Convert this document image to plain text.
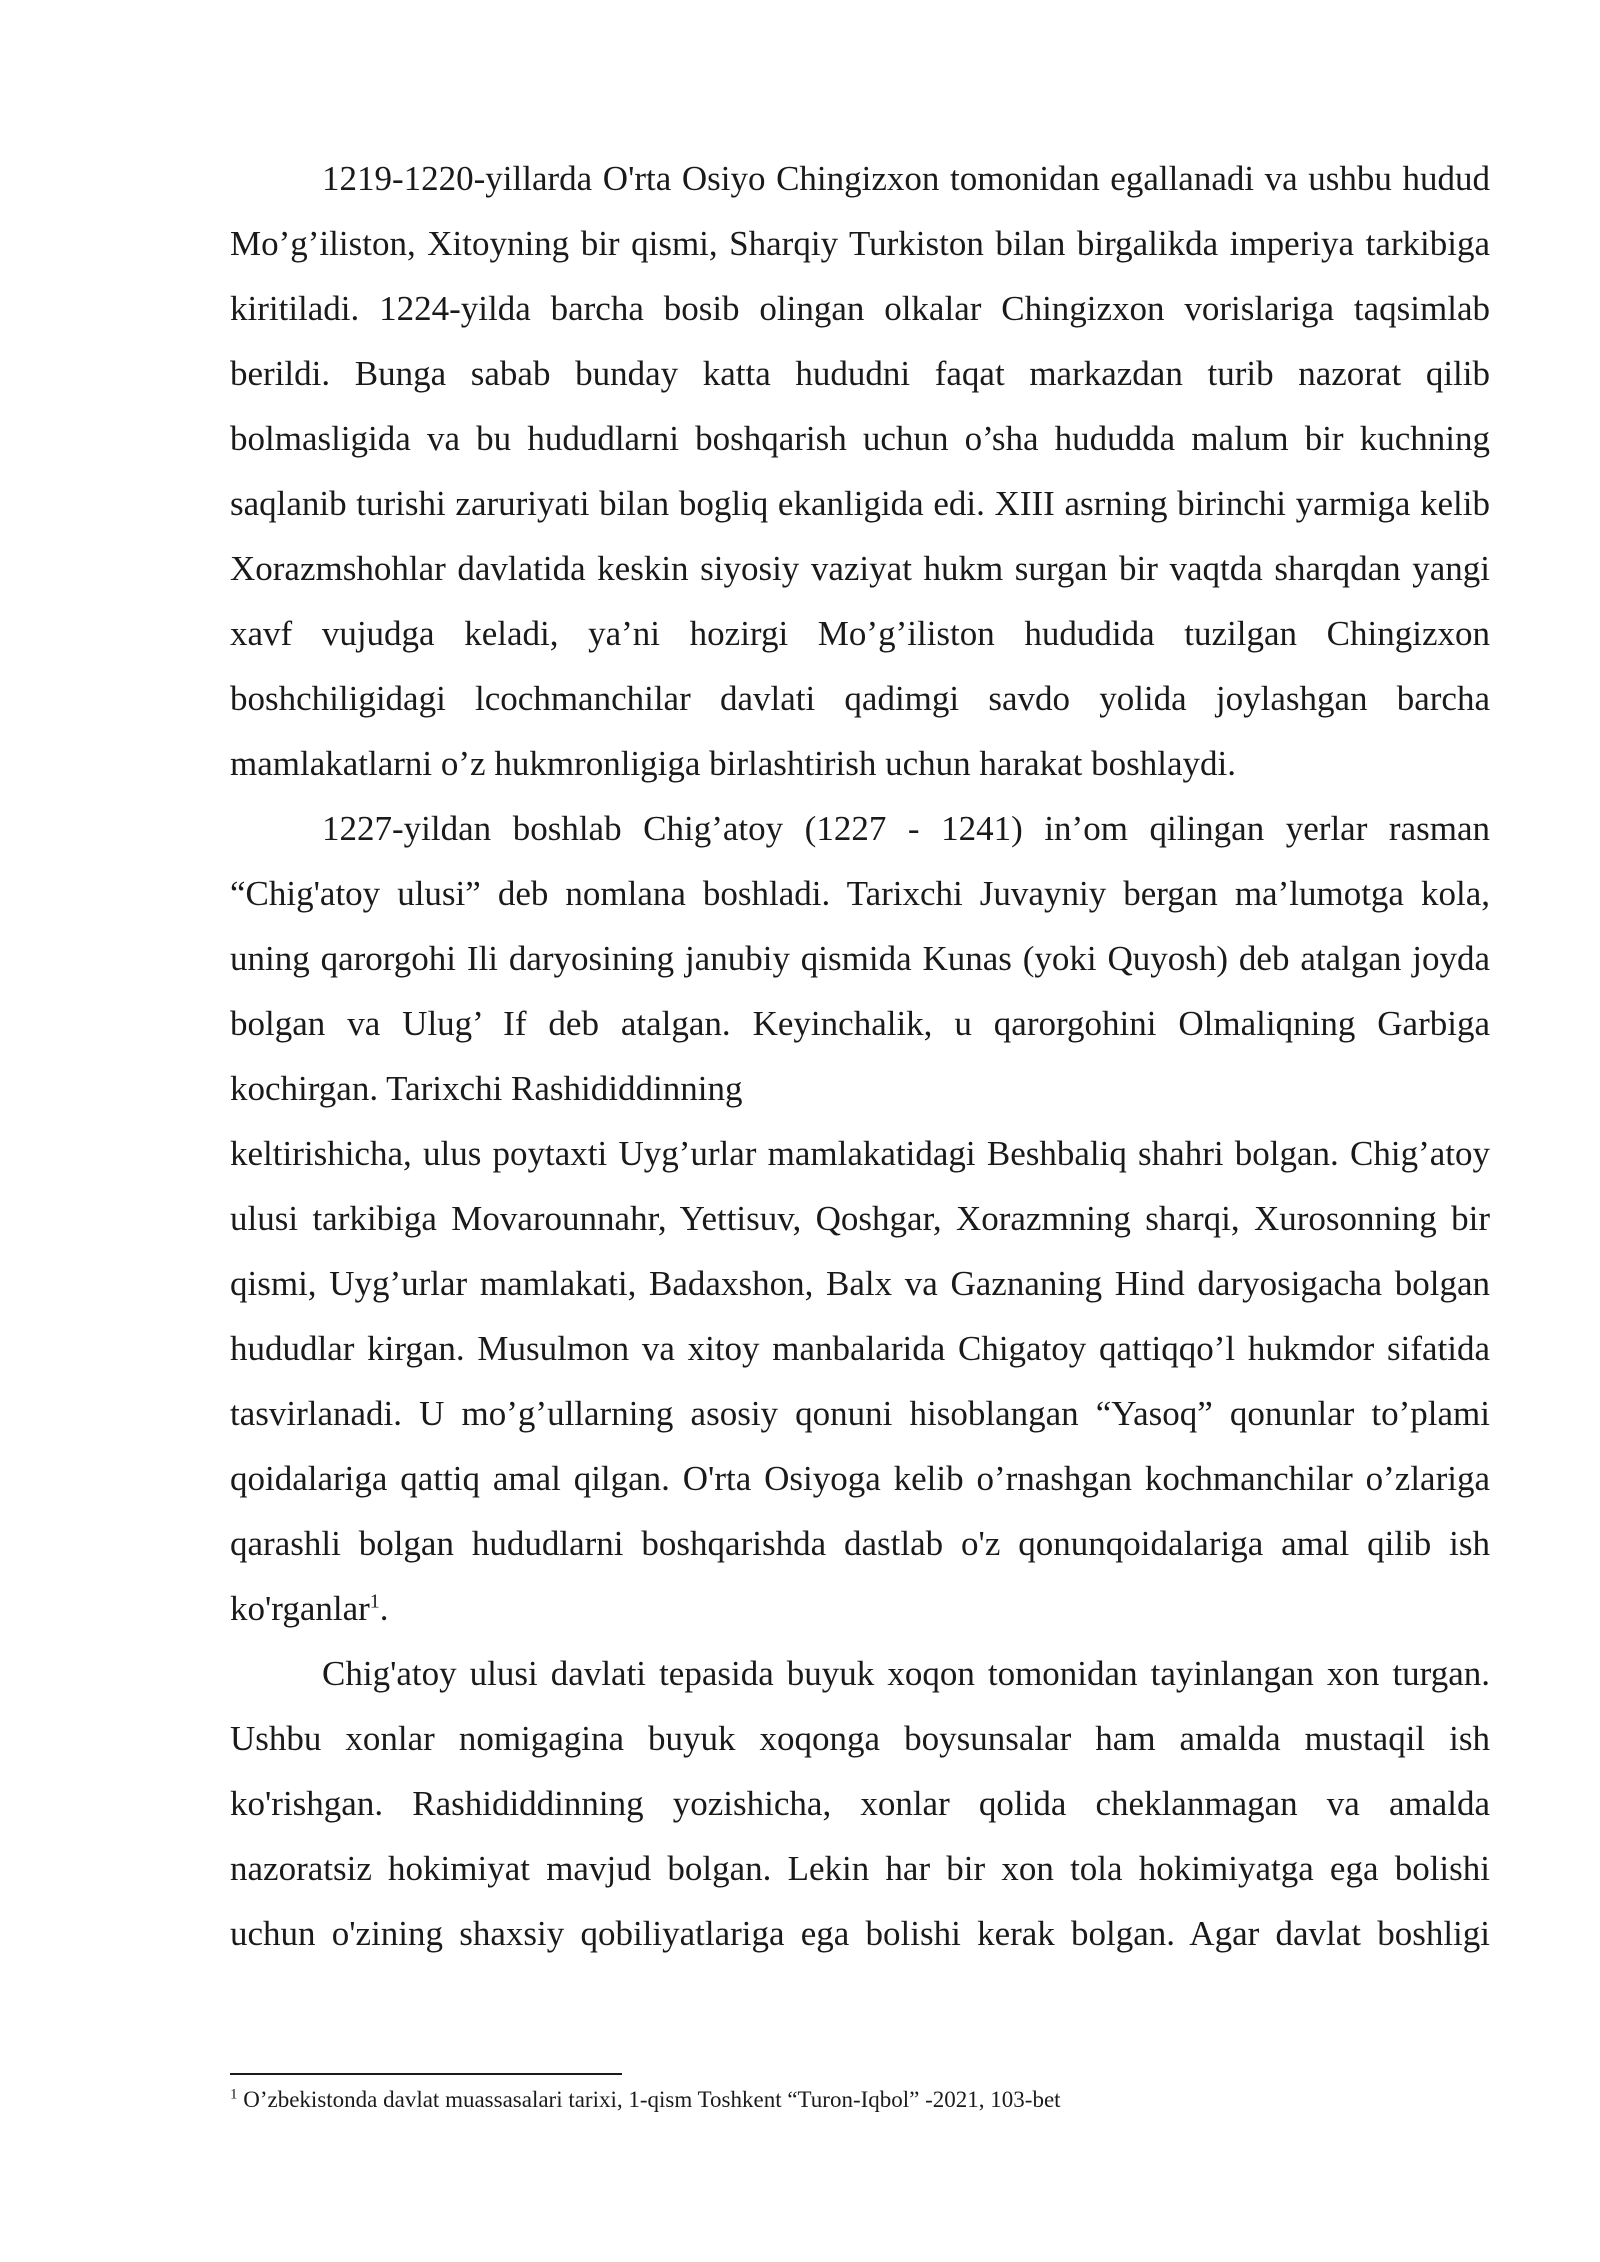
1219-1220-yillarda O'rta Osiyo Chingizxon tomonidan egallanadi va ushbu hudud Mo’g’iliston, Xitoyning bir qismi, Sharqiy Turkiston bilan birgalikda imperiya tarkibiga kiritiladi. 1224-yilda barcha bosib olingan olkalar Chingizxon vorislariga taqsimlab berildi. Bunga sabab bunday katta hududni faqat markazdan turib nazorat qilib bolmasligida va bu hududlarni boshqarish uchun o’sha hududda malum bir kuchning saqlanib turishi zaruriyati bilan bogliq ekanligida edi. XIII asrning birinchi yarmiga kelib Xorazmshohlar davlatida keskin siyosiy vaziyat hukm surgan bir vaqtda sharqdan yangi xavf vujudga keladi, ya’ni hozirgi Mo’g’iliston hududida tuzilgan Chingizxon boshchiligidagi lcochmanchilar davlati qadimgi savdo yolida joylashgan barcha mamlakatlarni o’z hukmronligiga birlashtirish uchun harakat boshlaydi.

1227-yildan boshlab Chig’atoy (1227 - 1241) in’om qilingan yerlar rasman “Chig'atoy ulusi” deb nomlana boshladi. Tarixchi Juvayniy bergan ma’lumotga kola, uning qarorgohi Ili daryosining janubiy qismida Kunas (yoki Quyosh) deb atalgan joyda bolgan va Ulug’ If deb atalgan. Keyinchalik, u qarorgohini Olmaliqning Garbiga kochirgan. Tarixchi Rashididdinning

keltirishicha, ulus poytaxti Uyg’urlar mamlakatidagi Beshbaliq shahri bolgan. Chig’atoy ulusi tarkibiga Movarounnahr, Yettisuv, Qoshgar, Xorazmning sharqi, Xurosonning bir qismi, Uyg’urlar mamlakati, Badaxshon, Balx va Gaznaning Hind daryosigacha bolgan hududlar kirgan. Musulmon va xitoy manbalarida Chigatoy qattiqqo’l hukmdor sifatida tasvirlanadi. U mo’g’ullarning asosiy qonuni hisoblangan “Yasoq” qonunlar to’plami qoidalariga qattiq amal qilgan. O'rta Osiyoga kelib o’rnashgan kochmanchilar o’zlariga qarashli bolgan hududlarni boshqarishda dastlab o'z qonunqoidalariga amal qilib ish ko'rganlar$^1$.

Chig'atoy ulusi davlati tepasida buyuk xoqon tomonidan tayinlangan xon turgan. Ushbu xonlar nomigagina buyuk xoqonga boysunsalar ham amalda mustaqil ish ko'rishgan. Rashididdinning yozishicha, xonlar qolida cheklanmagan va amalda nazoratsiz hokimiyat mavjud bolgan. Lekin har bir xon tola hokimiyatga ega bolishi uchun o'zining shaxsiy qobiliyatlariga ega bolishi kerak bolgan. Agar davlat boshligi

$^1$ O’zbekistonda davlat muassasalari tarixi, 1-qism Toshkent “Turon-Iqbol” -2021, 103-bet
